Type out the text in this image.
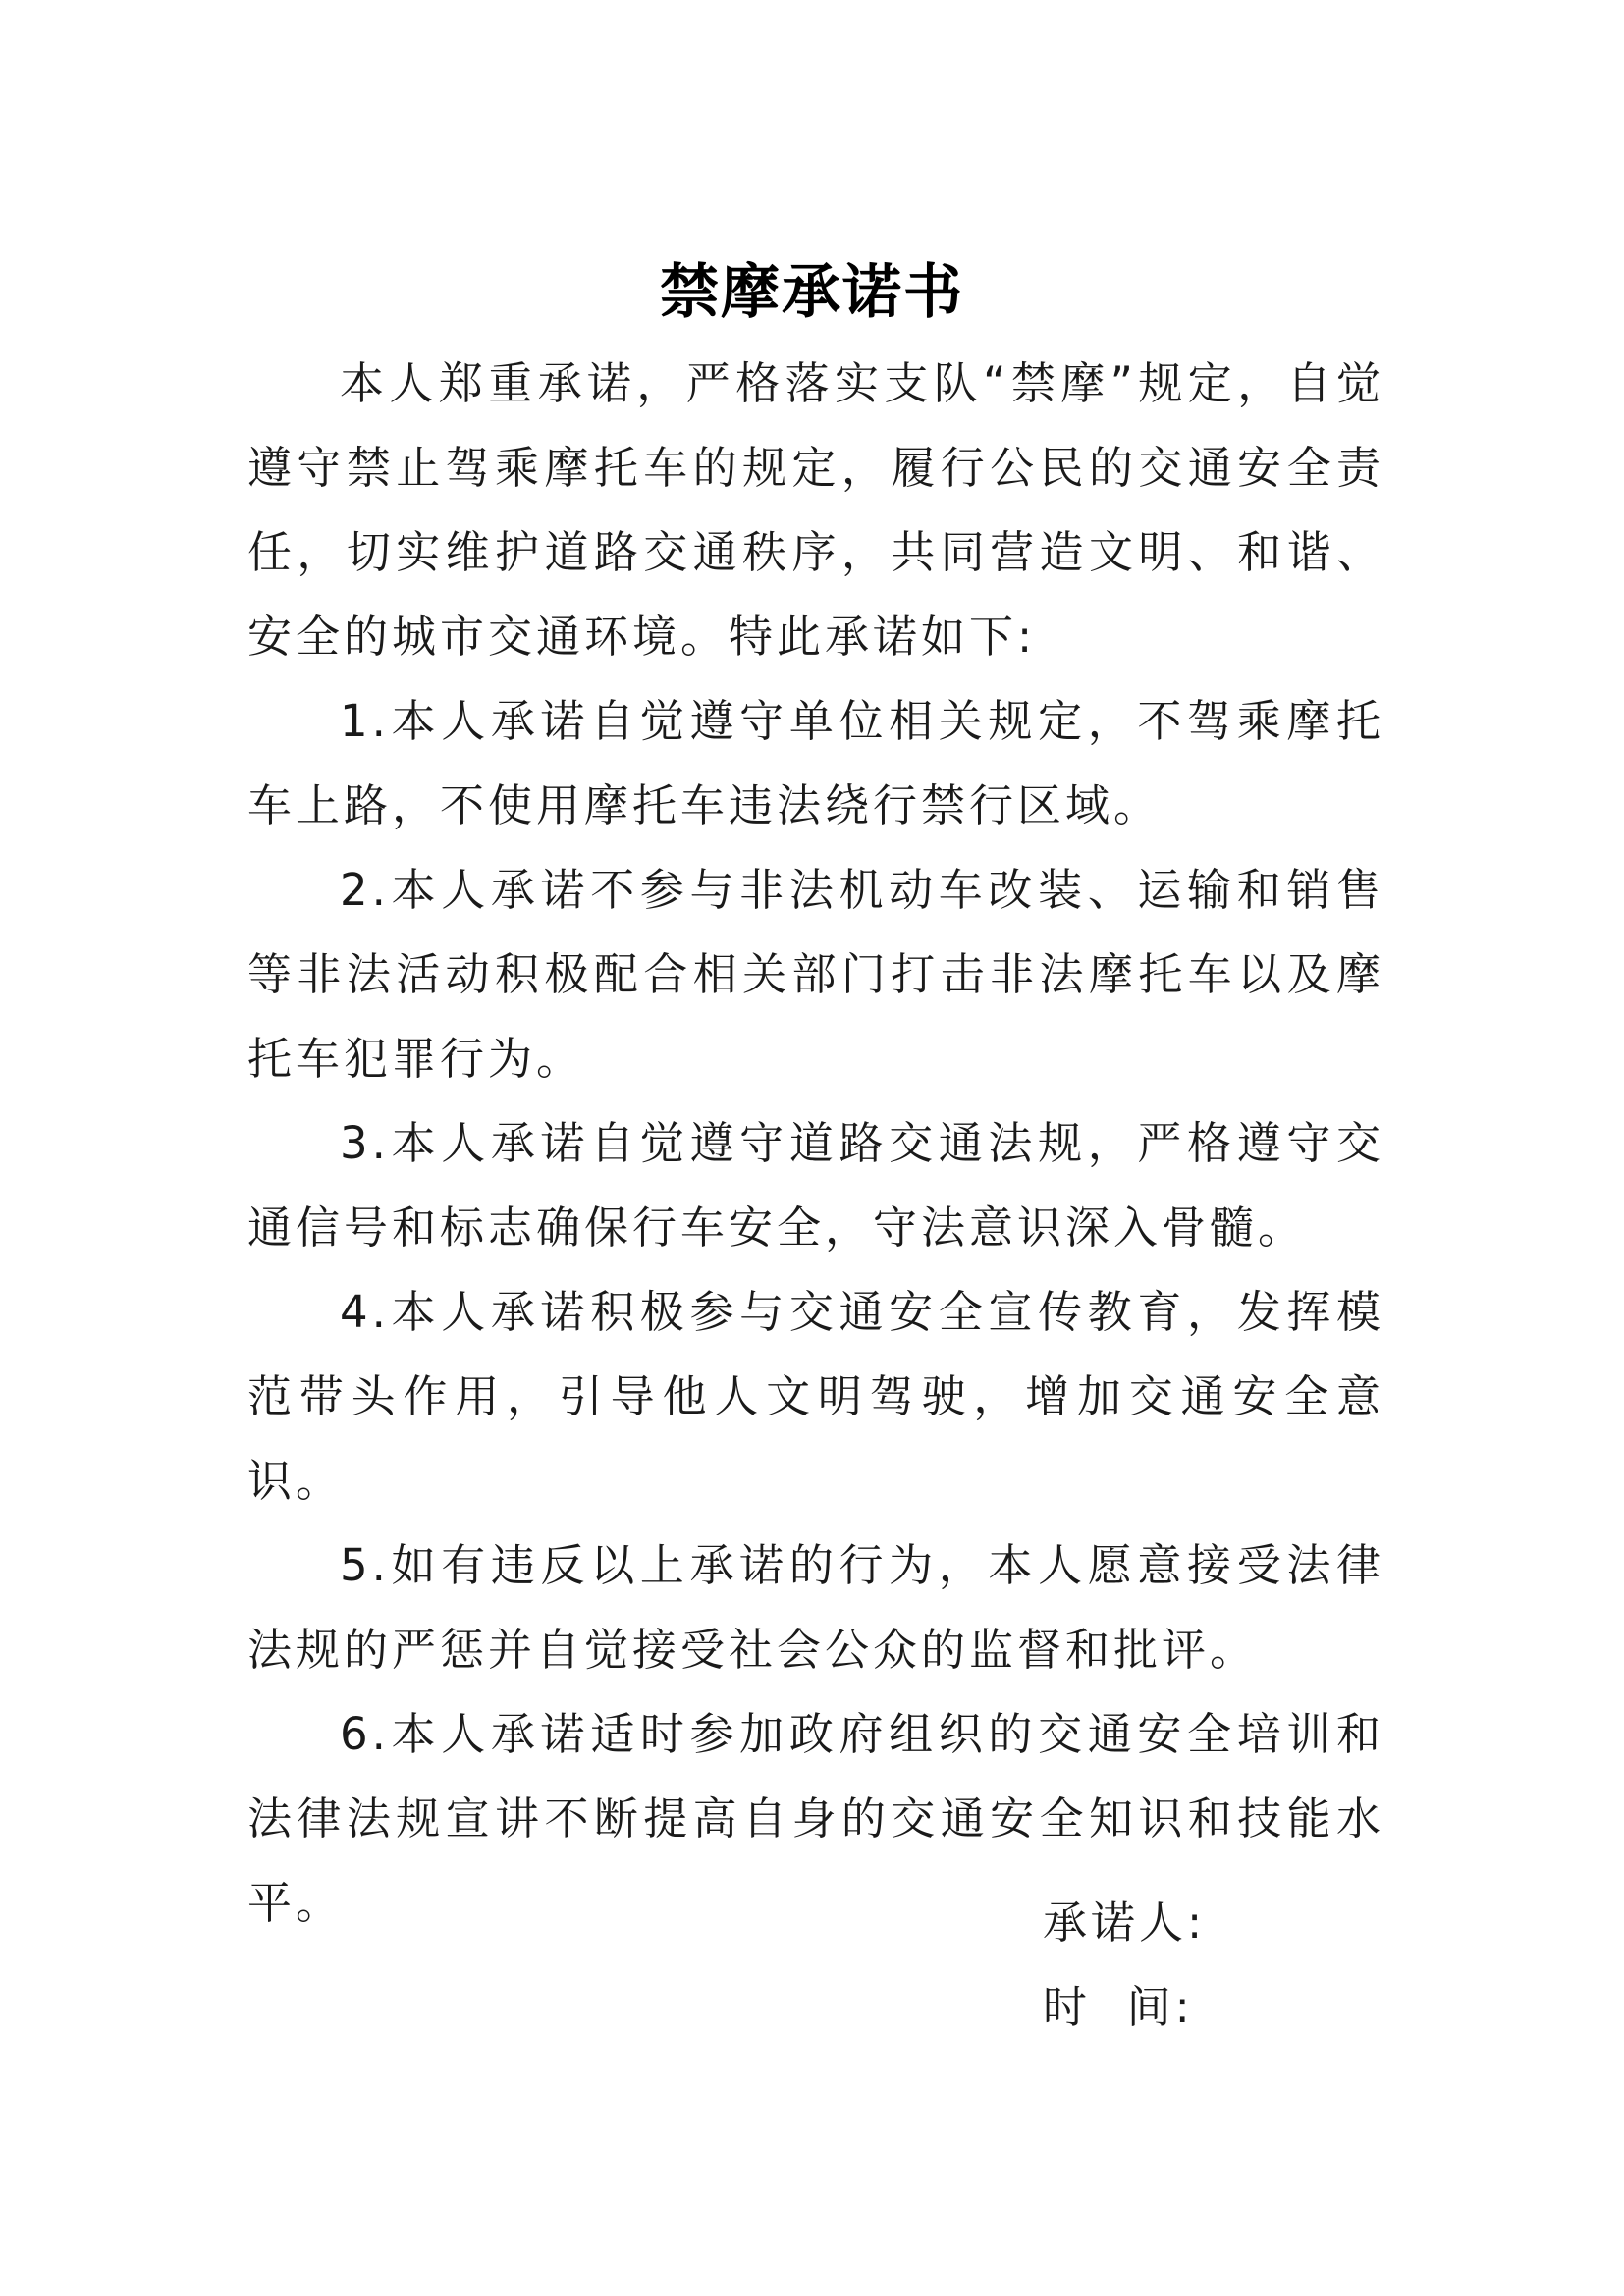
禁摩承诺书

本人郑重承诺，严格落实支队“禁摩”规定，自觉遵守禁止驾乘摩托车的规定，履行公民的交通安全责任，切实维护道路交通秩序，共同营造文明、和谐、安全的城市交通环境。特此承诺如下:

1.本人承诺自觉遵守单位相关规定，不驾乘摩托车上路，不使用摩托车违法绕行禁行区域。

2.本人承诺不参与非法机动车改装、运输和销售等非法活动积极配合相关部门打击非法摩托车以及摩托车犯罪行为。

3.本人承诺自觉遵守道路交通法规，严格遵守交通信号和标志确保行车安全，守法意识深入骨髓。

4.本人承诺积极参与交通安全宣传教育，发挥模范带头作用，引导他人文明驾驶，增加交通安全意识。

5.如有违反以上承诺的行为，本人愿意接受法律法规的严惩并自觉接受社会公众的监督和批评。

6.本人承诺适时参加政府组织的交通安全培训和法律法规宣讲不断提高自身的交通安全知识和技能水平。	承诺人:
时  间:
